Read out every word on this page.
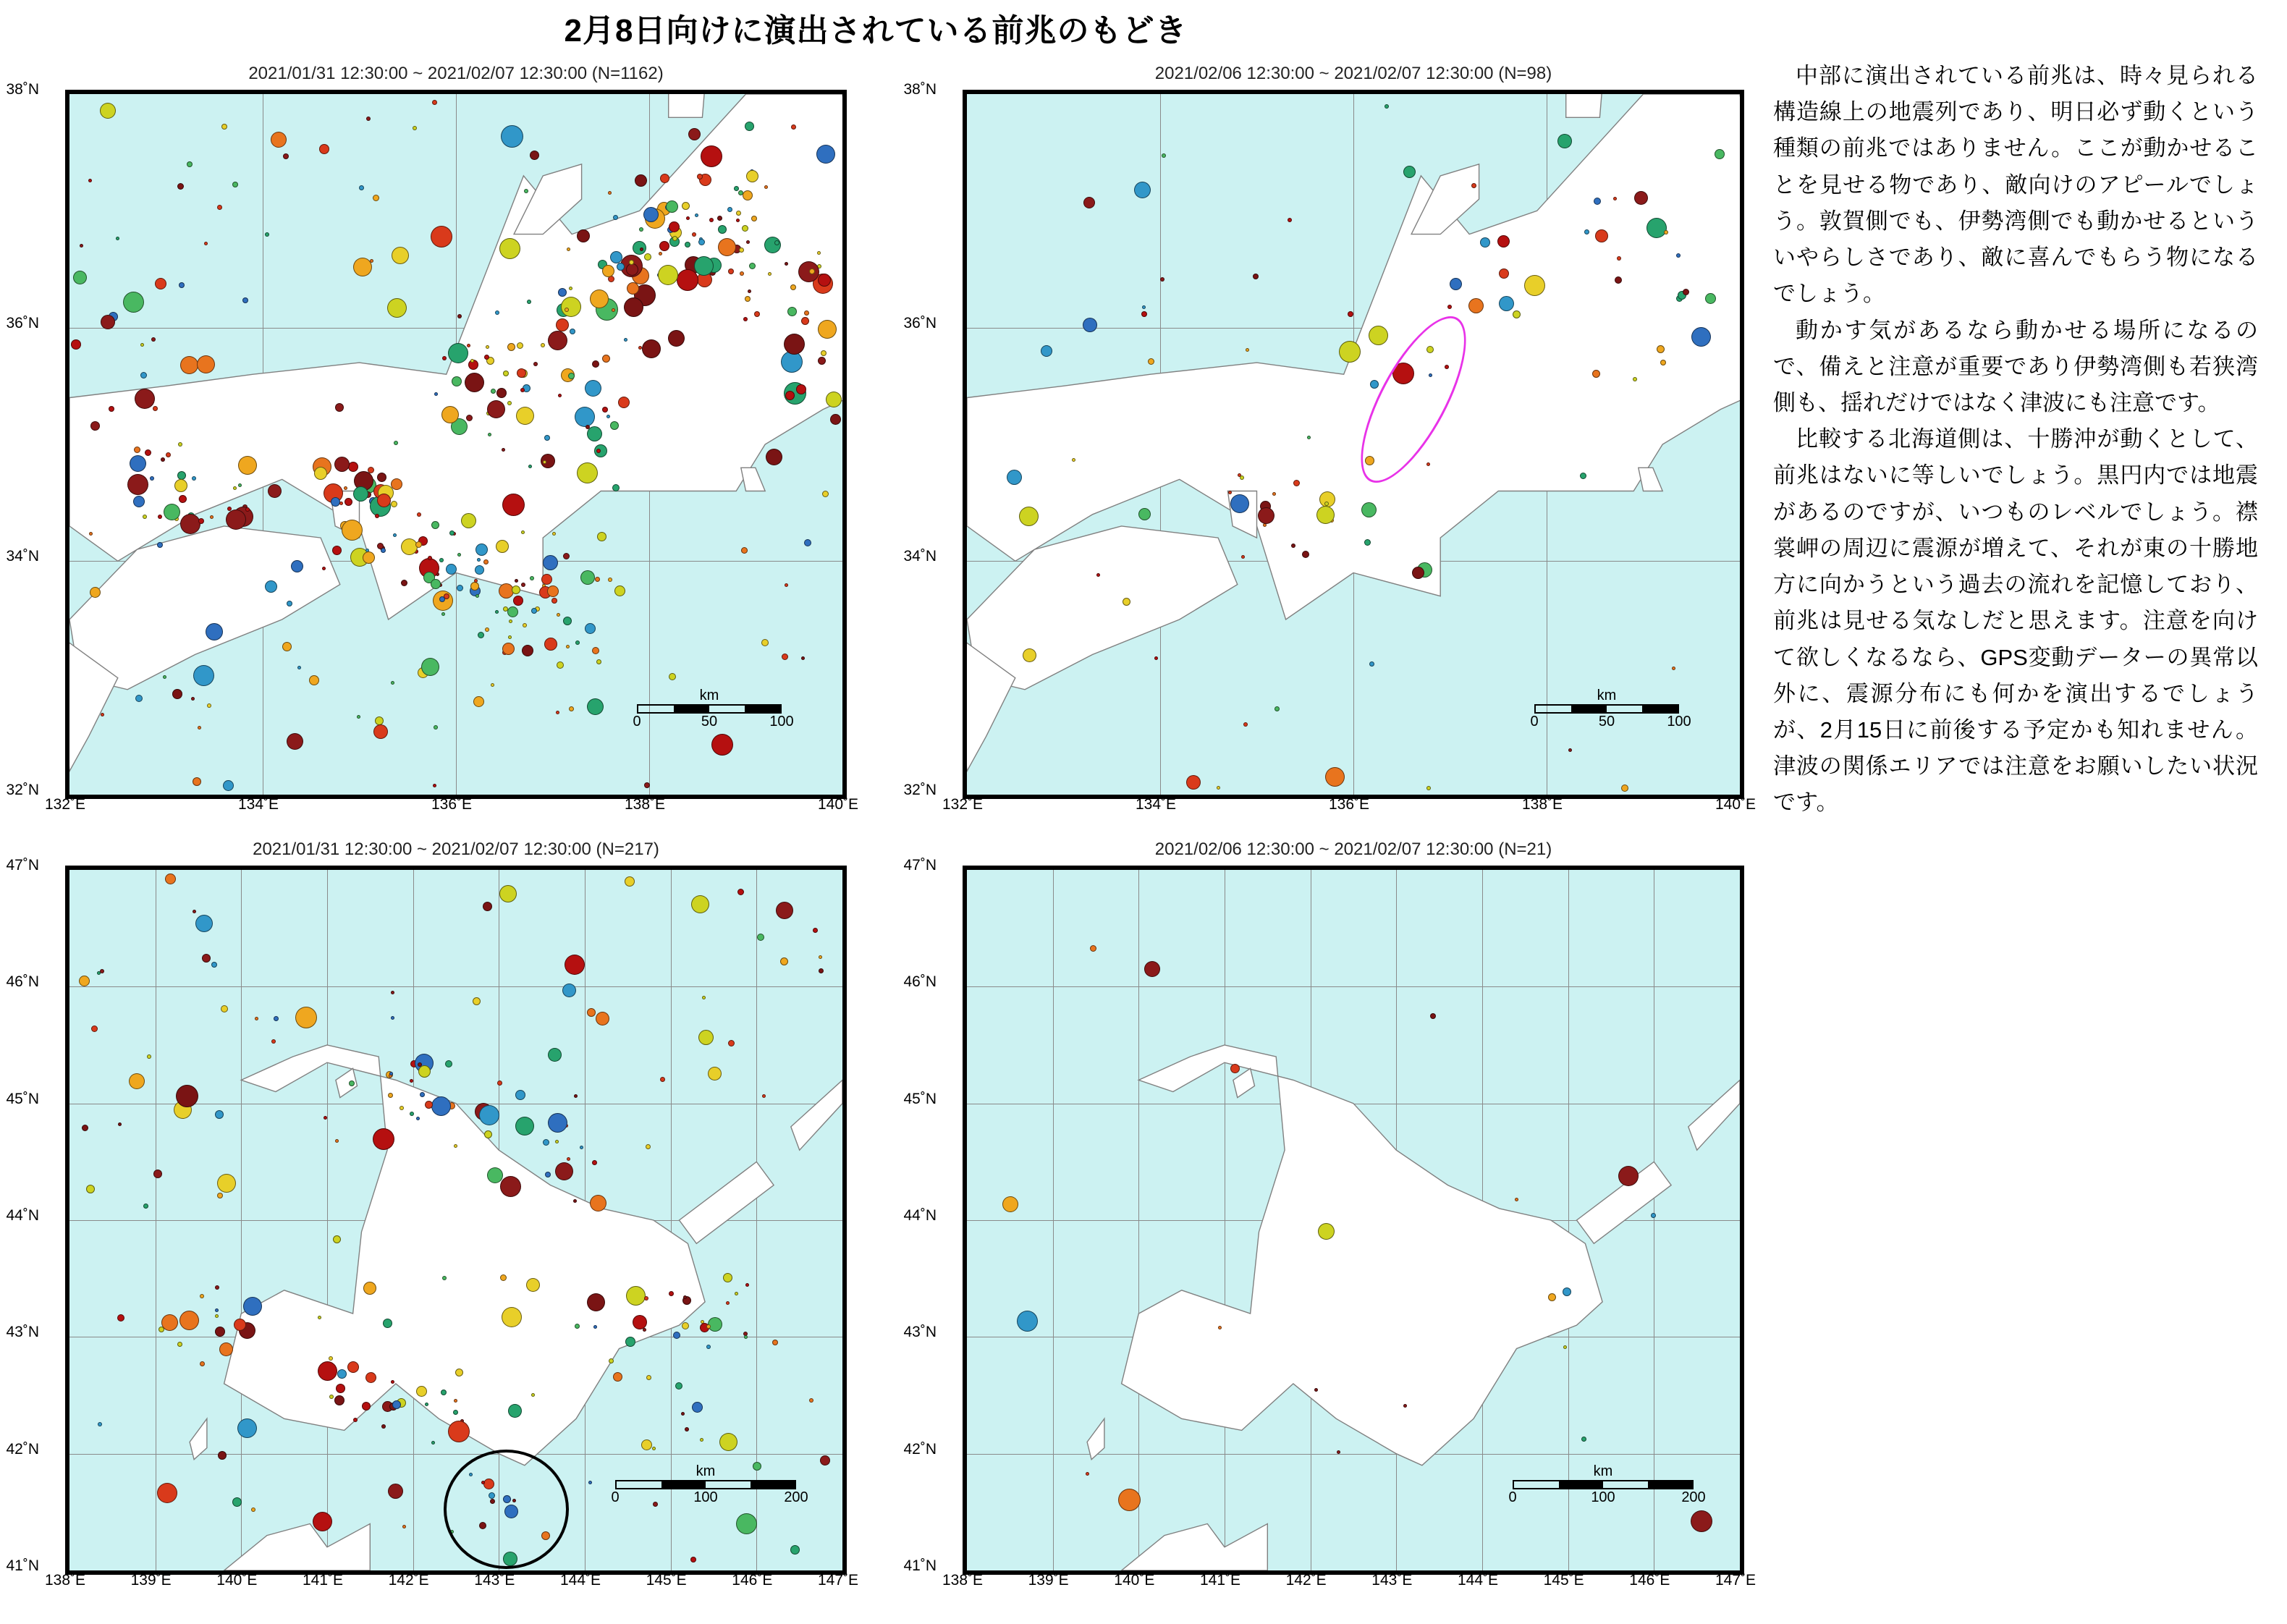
2月8日向けに演出されている前兆のもどき
2021/01/31 12:30:00 ~ 2021/02/07 12:30:00 (N=1162)
132˚E	134˚E	136˚E	138˚E	140˚E
32˚N
34˚N
36˚N
38˚N
km
0	50	100
2021/02/06 12:30:00 ~ 2021/02/07 12:30:00 (N=98)
132˚E	134˚E	136˚E	138˚E	140˚E
32˚N
34˚N
36˚N
38˚N
km
0	50	100
2021/01/31 12:30:00 ~ 2021/02/07 12:30:00 (N=217)
138˚E	139˚E	140˚E	141˚E	142˚E	143˚E	144˚E	145˚E	146˚E	147˚E
41˚N
42˚N
43˚N
44˚N
45˚N
46˚N
47˚N
km
0	100	200
2021/02/06 12:30:00 ~ 2021/02/07 12:30:00 (N=21)
138˚E	139˚E	140˚E	141˚E	142˚E	143˚E	144˚E	145˚E	146˚E	147˚E
41˚N
42˚N
43˚N
44˚N
45˚N
46˚N
47˚N
km
0	100	200

中部に演出されている前兆は、時々見られる構造線上の地震列であり、明日必ず動くという種類の前兆ではありません。ここが動かせることを見せる物であり、敵向けのアピールでしょう。敦賀側でも、伊勢湾側でも動かせるといういやらしさであり、敵に喜んでもらう物になるでしょう。

動かす気があるなら動かせる場所になるので、備えと注意が重要であり伊勢湾側も若狭湾側も、揺れだけではなく津波にも注意です。

比較する北海道側は、十勝沖が動くとして、前兆はないに等しいでしょう。黒円内では地震があるのですが、いつものレベルでしょう。襟裳岬の周辺に震源が増えて、それが東の十勝地方に向かうという過去の流れを記憶しており、前兆は見せる気なしだと思えます。注意を向けて欲しくなるなら、GPS変動データーの異常以外に、震源分布にも何かを演出するでしょうが、2月15日に前後する予定かも知れません。津波の関係エリアでは注意をお願いしたい状況です。
